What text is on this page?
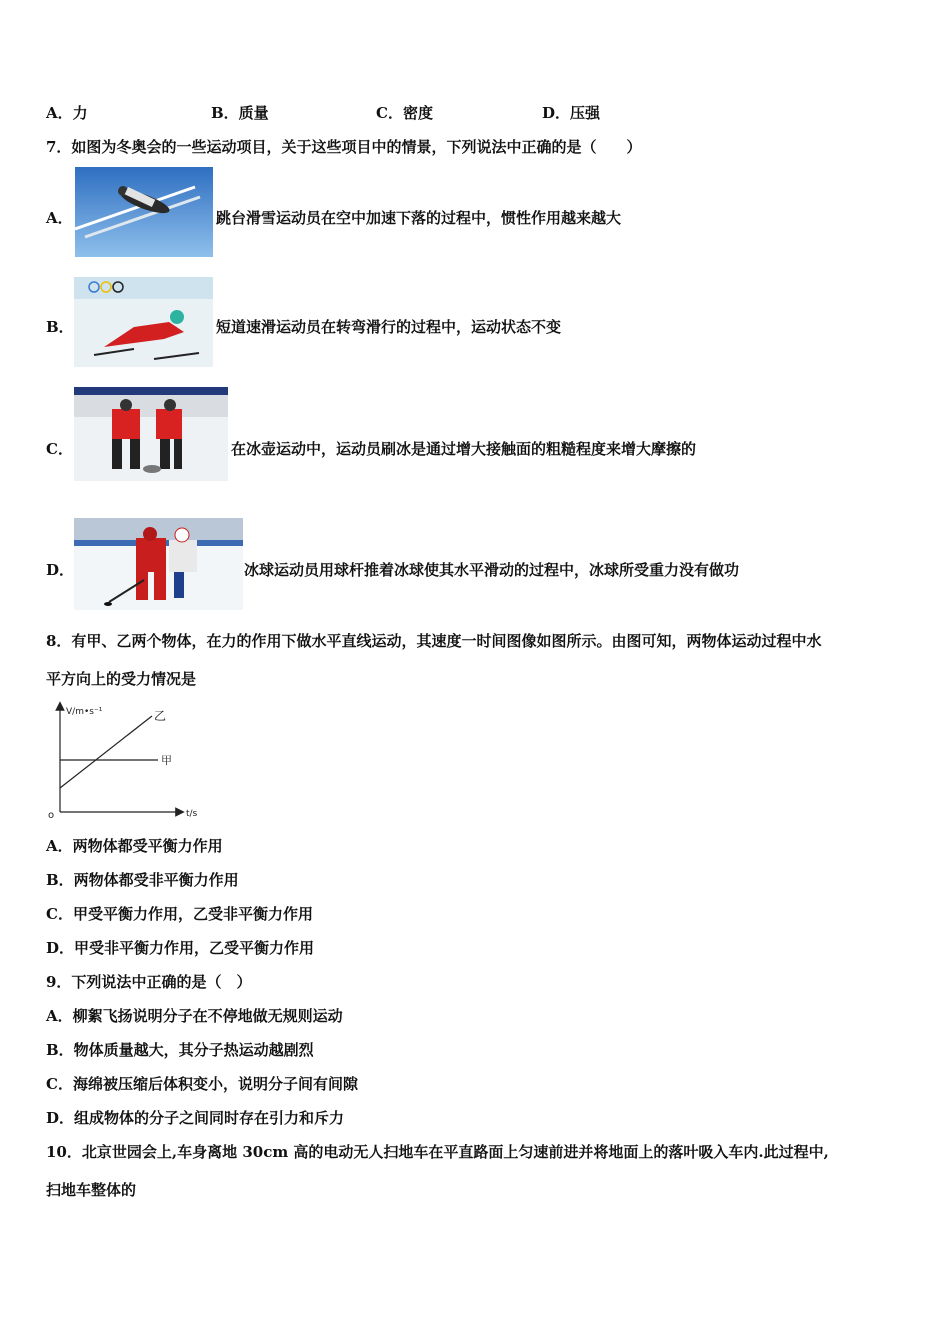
A．力	B．质量	C．密度	D．压强
7．如图为冬奥会的一些运动项目，关于这些项目中的情景，下列说法中正确的是（　　）
A．	跳台滑雪运动员在空中加速下落的过程中，惯性作用越来越大
B．	短道速滑运动员在转弯滑行的过程中，运动状态不变
C．	在冰壶运动中，运动员刷冰是通过增大接触面的粗糙程度来增大摩擦的
D．	冰球运动员用球杆推着冰球使其水平滑动的过程中，冰球所受重力没有做功
8．有甲、乙两个物体，在力的作用下做水平直线运动，其速度一时间图像如图所示。由图可知，两物体运动过程中水
平方向上的受力情况是
V/m•s⁻¹
t/s
o
甲
乙
A．两物体都受平衡力作用
B．两物体都受非平衡力作用
C．甲受平衡力作用，乙受非平衡力作用
D．甲受非平衡力作用，乙受平衡力作用
9．下列说法中正确的是（　）
A．柳絮飞扬说明分子在不停地做无规则运动
B．物体质量越大，其分子热运动越剧烈
C．海绵被压缩后体积变小，说明分子间有间隙
D．组成物体的分子之间同时存在引力和斥力
10．北京世园会上,车身离地 30cm 高的电动无人扫地车在平直路面上匀速前进并将地面上的落叶吸入车内.此过程中,
扫地车整体的
